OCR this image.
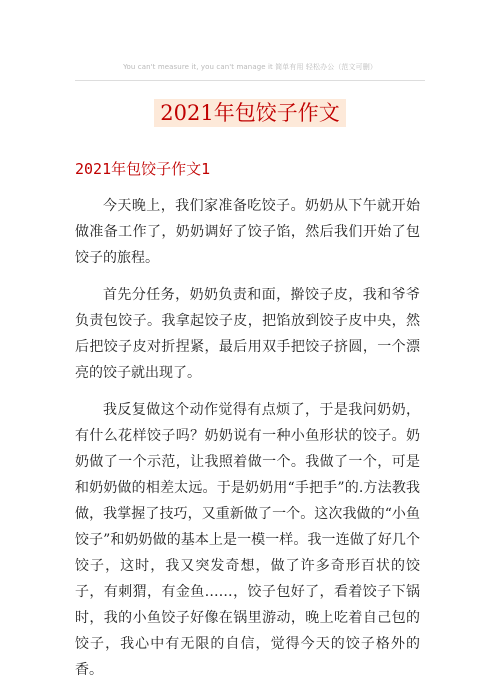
You can't measure it, you can't manage it 简单有用 轻松办公（范文可删）
2021年包饺子作文
2021年包饺子作文1

今天晚上，我们家准备吃饺子。奶奶从下午就开始做准备工作了，奶奶调好了饺子馅，然后我们开始了包饺子的旅程。

首先分任务，奶奶负责和面，擀饺子皮，我和爷爷负责包饺子。我拿起饺子皮，把馅放到饺子皮中央，然后把饺子皮对折捏紧，最后用双手把饺子挤圆，一个漂亮的饺子就出现了。

我反复做这个动作觉得有点烦了，于是我问奶奶，有什么花样饺子吗？奶奶说有一种小鱼形状的饺子。奶奶做了一个示范，让我照着做一个。我做了一个，可是和奶奶做的相差太远。于是奶奶用“手把手”的.方法教我做，我掌握了技巧，又重新做了一个。这次我做的“小鱼饺子”和奶奶做的基本上是一模一样。我一连做了好几个饺子，这时，我又突发奇想，做了许多奇形百状的饺子，有刺猬，有金鱼……，饺子包好了，看着饺子下锅时，我的小鱼饺子好像在锅里游动，晚上吃着自己包的饺子，我心中有无限的自信，觉得今天的饺子格外的香。
